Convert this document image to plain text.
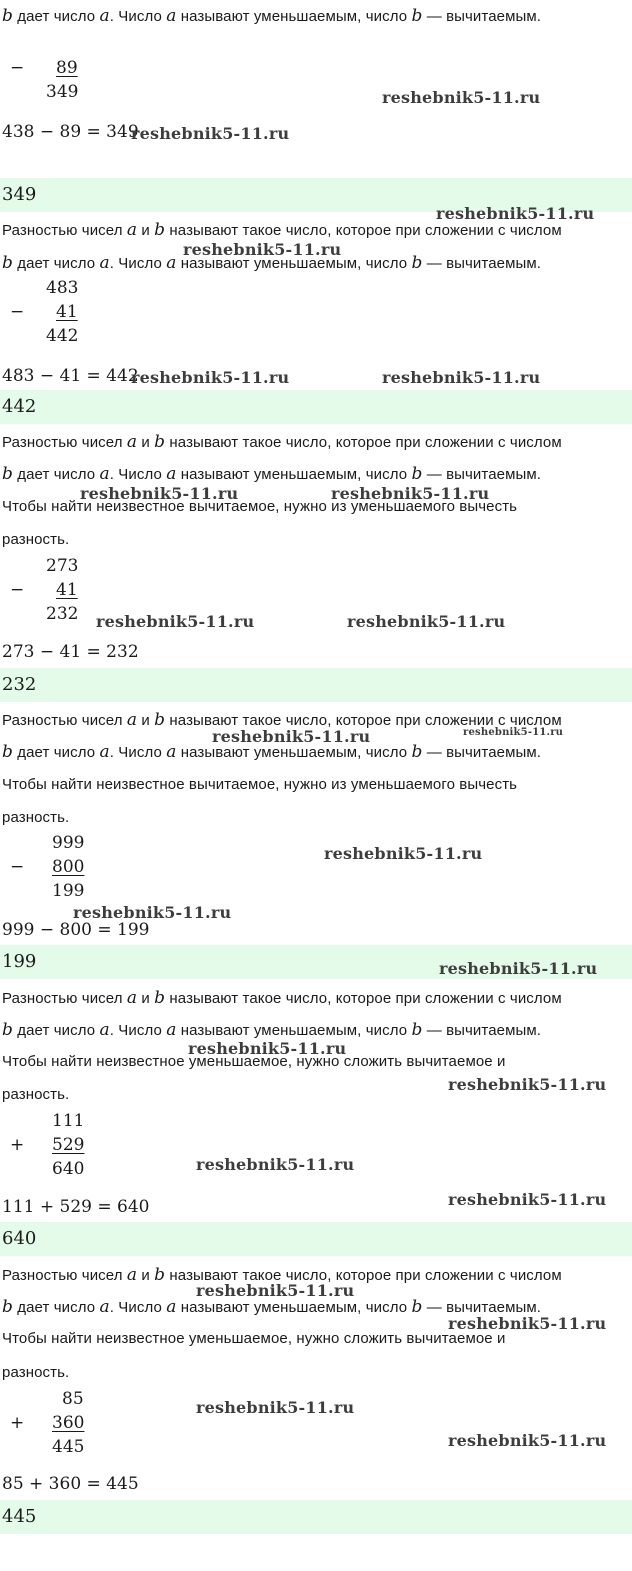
b дает число a. Число a называют уменьшаемым, число b — вычитаемым.
− 89
349
438 − 89 = 349
349
Разностью чисел a и b называют такое число, которое при сложении с числом
b дает число a. Число a называют уменьшаемым, число b — вычитаемым.
483
− 41
442
483 − 41 = 442
442
Разностью чисел a и b называют такое число, которое при сложении с числом
b дает число a. Число a называют уменьшаемым, число b — вычитаемым.
Чтобы найти неизвестное вычитаемое, нужно из уменьшаемого вычесть
разность.
273
− 41
232
273 − 41 = 232
232
Разностью чисел a и b называют такое число, которое при сложении с числом
b дает число a. Число a называют уменьшаемым, число b — вычитаемым.
Чтобы найти неизвестное вычитаемое, нужно из уменьшаемого вычесть
разность.
999
− 800
199
999 − 800 = 199
199
Разностью чисел a и b называют такое число, которое при сложении с числом
b дает число a. Число a называют уменьшаемым, число b — вычитаемым.
Чтобы найти неизвестное уменьшаемое, нужно сложить вычитаемое и
разность.
111
+ 529
640
111 + 529 = 640
640
Разностью чисел a и b называют такое число, которое при сложении с числом
b дает число a. Число a называют уменьшаемым, число b — вычитаемым.
Чтобы найти неизвестное уменьшаемое, нужно сложить вычитаемое и
разность.
85
+ 360
445
85 + 360 = 445
445
reshebnik5-11.ru
reshebnik5-11.ru
reshebnik5-11.ru
reshebnik5-11.ru
reshebnik5-11.ru	reshebnik5-11.ru
reshebnik5-11.ru	reshebnik5-11.ru
reshebnik5-11.ru	reshebnik5-11.ru
reshebnik5-11.ru	reshebnik5-11.ru
reshebnik5-11.ru
reshebnik5-11.ru
reshebnik5-11.ru
reshebnik5-11.ru
reshebnik5-11.ru
reshebnik5-11.ru
reshebnik5-11.ru
reshebnik5-11.ru
reshebnik5-11.ru
reshebnik5-11.ru
reshebnik5-11.ru
